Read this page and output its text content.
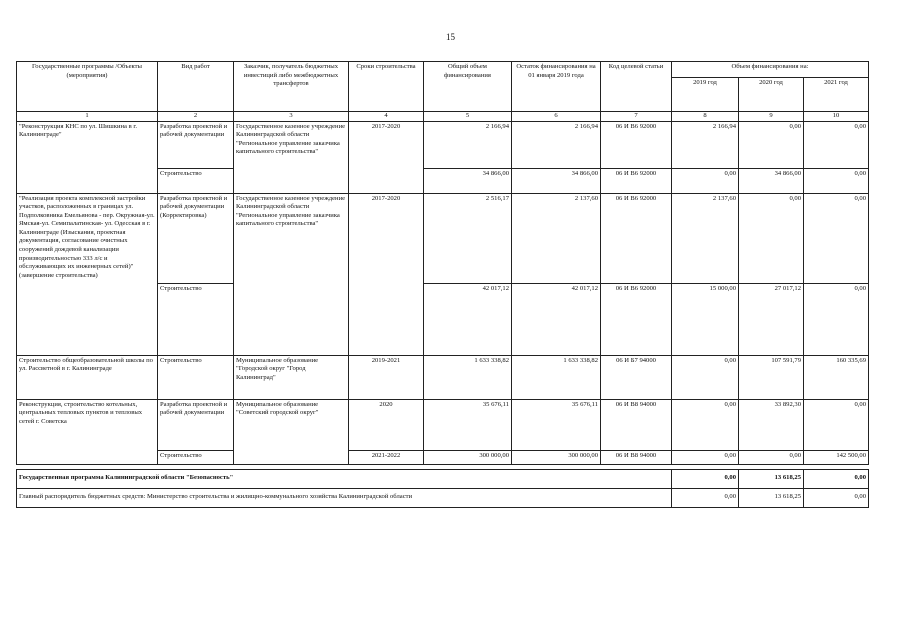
15
Государственные программы /Объекты (мероприятия)	Вид работ	Заказчик, получатель бюджетных инвестиций либо межбюджетных трансфертов	Сроки строительства	Общий объем финансирования	Остаток финансирования на 01 января 2019 года	Код целевой статьи	Объем финансирования на:		
							2019 год	2020 год	2021 год
1	2	3	4	5	6	7	8	9	10
"Реконструкция КНС по ул. Шишкина в г. Калининграде"	Разработка проектной и рабочей документации	Государственное казенное учреждение Калининградской области "Региональное управление заказчика капитального строительства"	2017-2020	2 166,94	2 166,94	06 И В6 92000	2 166,94	0,00	0,00
	Строительство			34 866,00	34 866,00	06 И В6 92000	0,00	34 866,00	0,00
"Реализация проекта комплексной застройки участков, расположенных в границах ул. Подполковника Емельянова - пер. Окружная-ул. Ямская-ул. Семипалатинская- ул. Одесская в г. Калининграде (Изыскания, проектная документация, согласование очистных сооружений дождевой канализации производительностью 333 л/с и обслуживающих их инженерных сетей)"(завершение строительства)	Разработка проектной и рабочей документации (Корректировка)	Государственное казенное учреждение Калининградской области "Региональное управление заказчика капитального строительства"	2017-2020	2 516,17	2 137,60	06 И В6 92000	2 137,60	0,00	0,00
	Строительство			42 017,12	42 017,12	06 И В6 92000	15 000,00	27 017,12	0,00
Строительство общеобразовательной школы по ул. Рассветной в г. Калининграде	Строительство	Муниципальное образование "Городской округ "Город Калининград"	2019-2021	1 633 338,82	1 633 338,82	06 И Б7 94000	0,00	107 591,79	160 335,69
Реконструкция, строительство котельных, центральных тепловых пунктов и тепловых сетей г. Советска	Разработка проектной и рабочей документации	Муниципальное образование "Советский городской округ"	2020	35 676,11	35 676,11	06 И В8 94000	0,00	33 892,30	0,00
	Строительство		2021-2022	300 000,00	300 000,00	06 И В8 94000	0,00	0,00	142 500,00

Государственная программа Калининградской области "Безопасность"							0,00	13 618,25	0,00
Главный распорядитель бюджетных средств: Министерство строительства и жилищно-коммунального хозяйства Калининградской области							0,00	13 618,25	0,00
